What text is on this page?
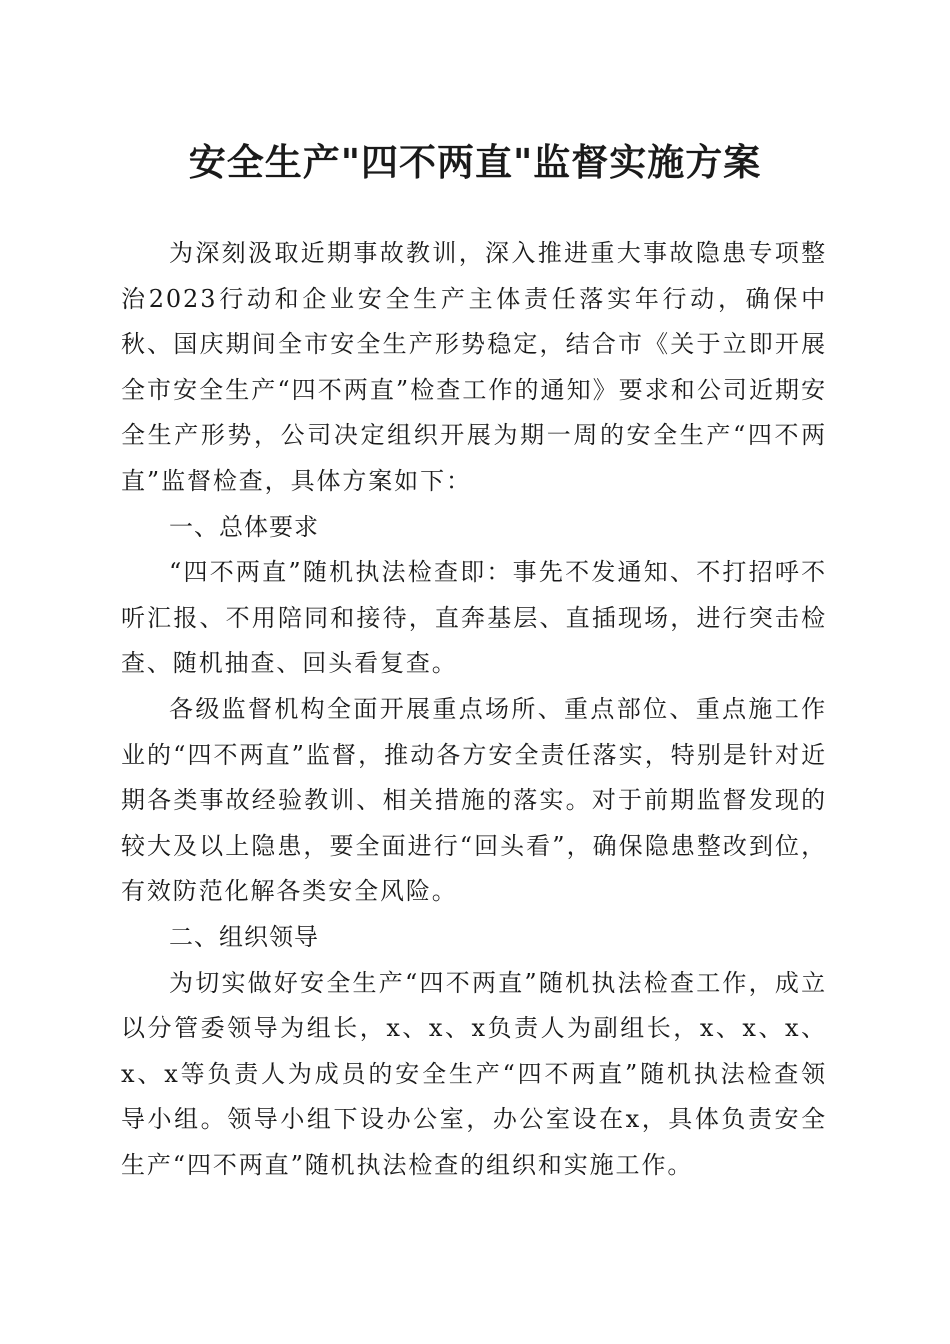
安全生产"四不两直"监督实施方案

为深刻汲取近期事故教训，深入推进重大事故隐患专项整治2023行动和企业安全生产主体责任落实年行动，确保中秋、国庆期间全市安全生产形势稳定，结合市《关于立即开展全市安全生产“四不两直”检查工作的通知》要求和公司近期安全生产形势，公司决定组织开展为期一周的安全生产“四不两直”监督检查，具体方案如下：

一、总体要求

“四不两直”随机执法检查即：事先不发通知、不打招呼不听汇报、不用陪同和接待，直奔基层、直插现场，进行突击检查、随机抽查、回头看复查。

各级监督机构全面开展重点场所、重点部位、重点施工作业的“四不两直”监督，推动各方安全责任落实，特别是针对近期各类事故经验教训、相关措施的落实。对于前期监督发现的较大及以上隐患，要全面进行“回头看”，确保隐患整改到位，有效防范化解各类安全风险。

二、组织领导

为切实做好安全生产“四不两直”随机执法检查工作，成立以分管委领导为组长，x、x、x负责人为副组长，x、x、x、x、x等负责人为成员的安全生产“四不两直”随机执法检查领导小组。领导小组下设办公室，办公室设在x，具体负责安全生产“四不两直”随机执法检查的组织和实施工作。
